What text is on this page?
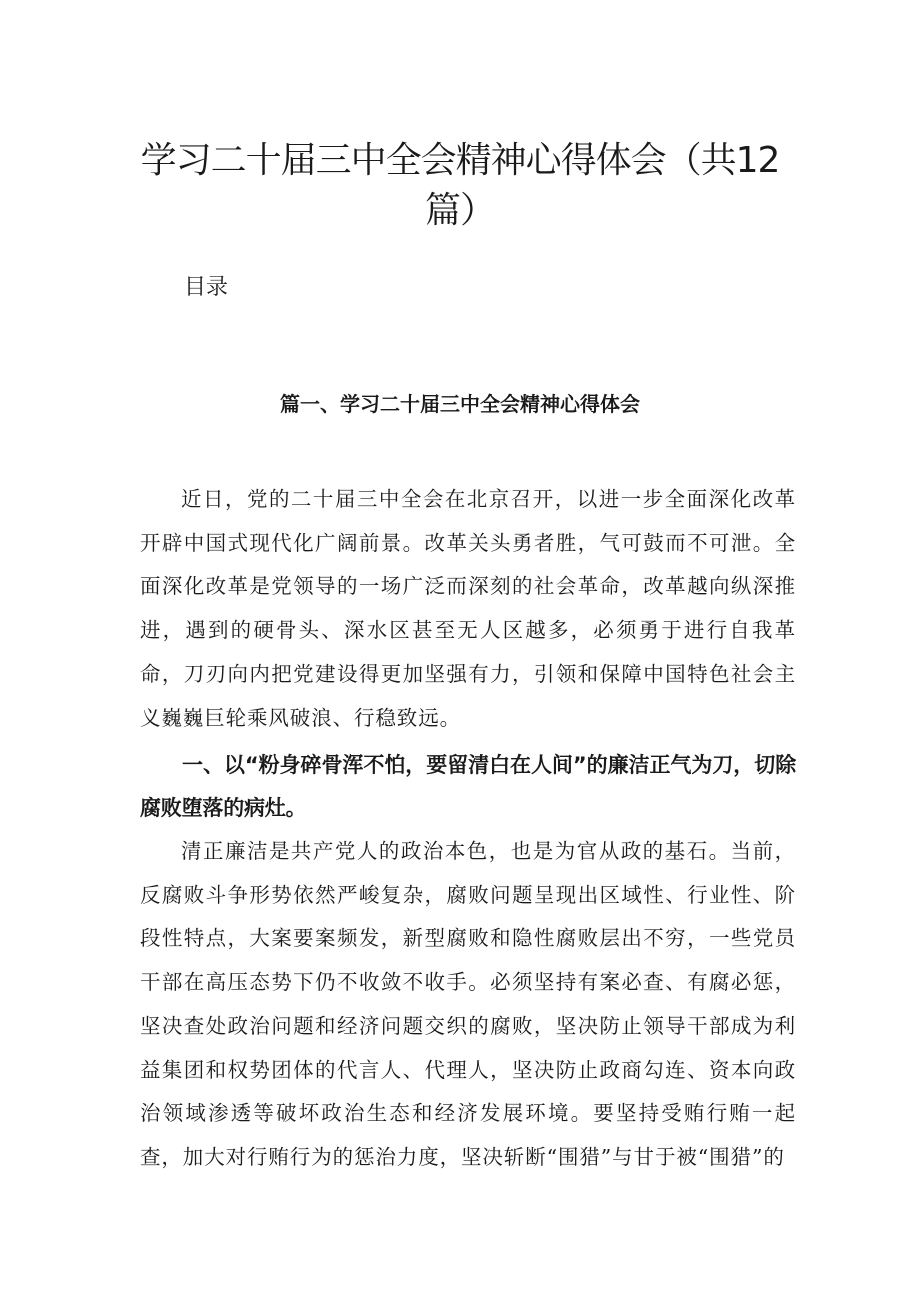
学习二十届三中全会精神心得体会（共12篇）

目录

篇一、学习二十届三中全会精神心得体会

近日，党的二十届三中全会在北京召开，以进一步全面深化改革开辟中国式现代化广阔前景。改革关头勇者胜，气可鼓而不可泄。全面深化改革是党领导的一场广泛而深刻的社会革命，改革越向纵深推进，遇到的硬骨头、深水区甚至无人区越多，必须勇于进行自我革命，刀刃向内把党建设得更加坚强有力，引领和保障中国特色社会主义巍巍巨轮乘风破浪、行稳致远。

一、以“粉身碎骨浑不怕，要留清白在人间”的廉洁正气为刀，切除腐败堕落的病灶。

清正廉洁是共产党人的政治本色，也是为官从政的基石。当前，反腐败斗争形势依然严峻复杂，腐败问题呈现出区域性、行业性、阶段性特点，大案要案频发，新型腐败和隐性腐败层出不穷，一些党员干部在高压态势下仍不收敛不收手。必须坚持有案必查、有腐必惩，坚决查处政治问题和经济问题交织的腐败，坚决防止领导干部成为利益集团和权势团体的代言人、代理人，坚决防止政商勾连、资本向政治领域渗透等破坏政治生态和经济发展环境。要坚持受贿行贿一起查，加大对行贿行为的惩治力度，坚决斩断“围猎”与甘于被“围猎”的
